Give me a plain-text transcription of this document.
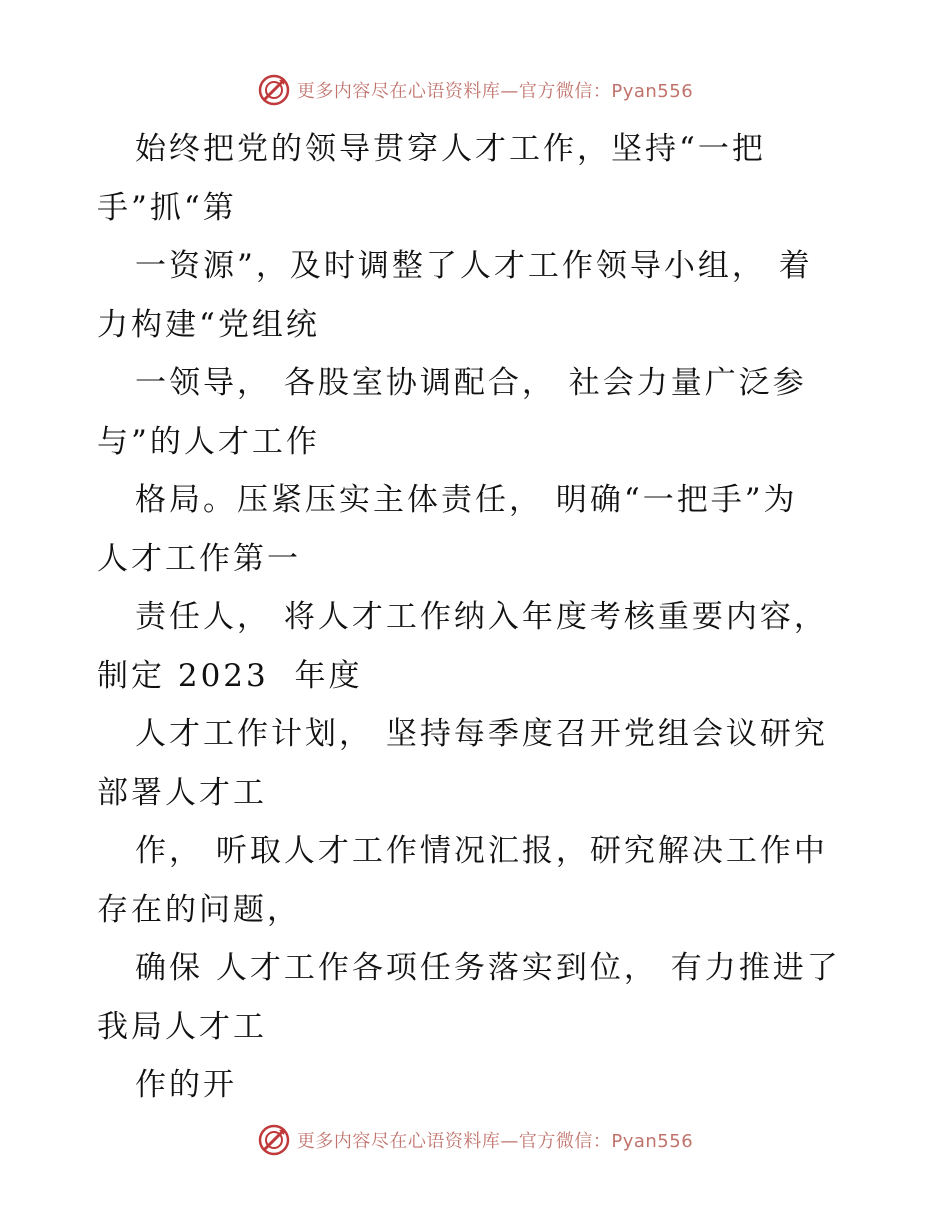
更多内容尽在心语资料库—官方微信：Pyan556
始终把党的领导贯穿人才工作，坚持“一把
手”抓“第
一资源”，及时调整了人才工作领导小组， 着
力构建“党组统
一领导， 各股室协调配合， 社会力量广泛参
与”的人才工作
格局。压紧压实主体责任， 明确“一把手”为
人才工作第一
责任人， 将人才工作纳入年度考核重要内容，
制定 2023  年度
人才工作计划， 坚持每季度召开党组会议研究
部署人才工
作， 听取人才工作情况汇报，研究解决工作中
存在的问题，
确保 人才工作各项任务落实到位， 有力推进了
我局人才工
作的开
更多内容尽在心语资料库—官方微信：Pyan556
